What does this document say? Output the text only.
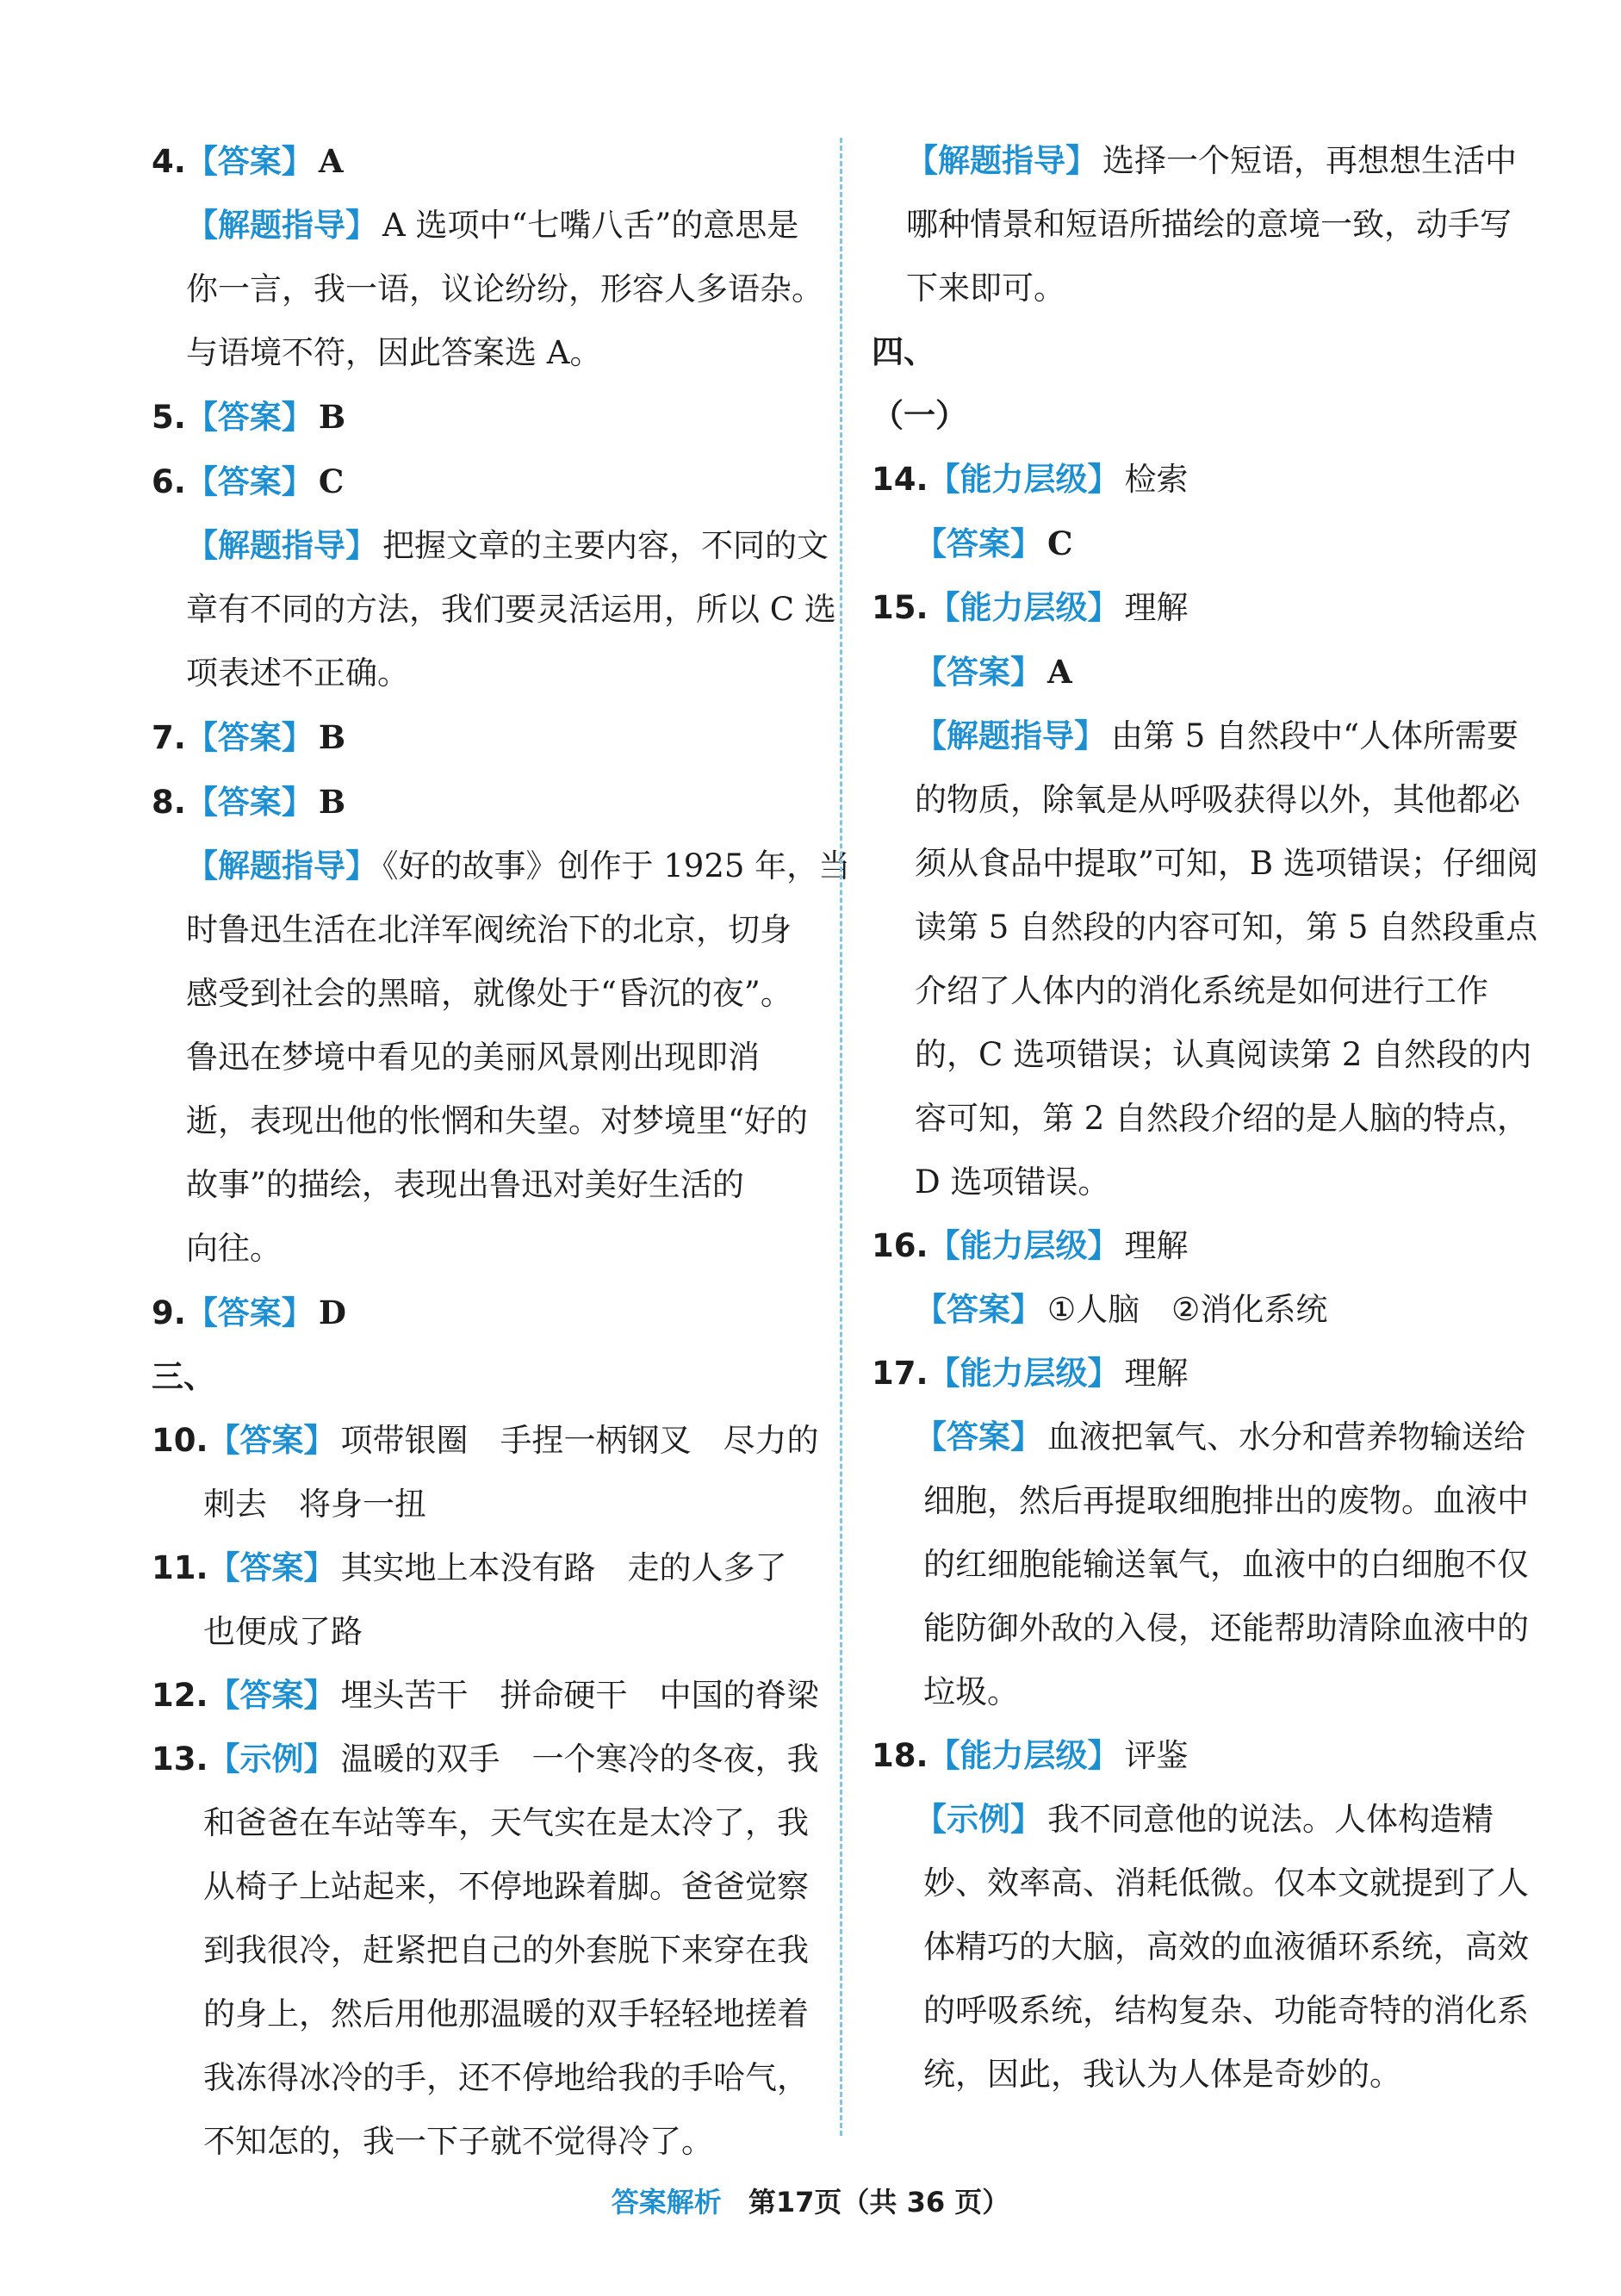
4.【答案】 A
【解题指导】 A 选项中“七嘴八舌”的意思是
你一言，我一语，议论纷纷，形容人多语杂。
与语境不符，因此答案选 A。
5.【答案】 B
6.【答案】 C
【解题指导】 把握文章的主要内容，不同的文
章有不同的方法，我们要灵活运用，所以 C 选
项表述不正确。
7.【答案】 B
8.【答案】 B
【解题指导】 《好的故事》创作于 1925 年，当
时鲁迅生活在北洋军阀统治下的北京，切身
感受到社会的黑暗，就像处于“昏沉的夜”。
鲁迅在梦境中看见的美丽风景刚出现即消
逝，表现出他的怅惘和失望。对梦境里“好的
故事”的描绘，表现出鲁迅对美好生活的
向往。
9.【答案】 D
三、
10.【答案】 项带银圈　手捏一柄钢叉　尽力的
刺去　将身一扭
11.【答案】 其实地上本没有路　走的人多了
也便成了路
12.【答案】 埋头苦干　拼命硬干　中国的脊梁
13.【示例】 温暖的双手　一个寒冷的冬夜，我
和爸爸在车站等车，天气实在是太冷了，我
从椅子上站起来，不停地跺着脚。爸爸觉察
到我很冷，赶紧把自己的外套脱下来穿在我
的身上，然后用他那温暖的双手轻轻地搓着
我冻得冰冷的手，还不停地给我的手哈气，
不知怎的，我一下子就不觉得冷了。
【解题指导】 选择一个短语，再想想生活中
哪种情景和短语所描绘的意境一致，动手写
下来即可。
四、
（一）
14.【能力层级】 检索
【答案】 C
15.【能力层级】 理解
【答案】 A
【解题指导】 由第 5 自然段中“人体所需要
的物质，除氧是从呼吸获得以外，其他都必
须从食品中提取”可知，B 选项错误；仔细阅
读第 5 自然段的内容可知，第 5 自然段重点
介绍了人体内的消化系统是如何进行工作
的，C 选项错误；认真阅读第 2 自然段的内
容可知，第 2 自然段介绍的是人脑的特点，
D 选项错误。
16.【能力层级】 理解
【答案】 ①人脑　②消化系统
17.【能力层级】 理解
【答案】 血液把氧气、水分和营养物输送给
细胞，然后再提取细胞排出的废物。血液中
的红细胞能输送氧气，血液中的白细胞不仅
能防御外敌的入侵，还能帮助清除血液中的
垃圾。
18.【能力层级】 评鉴
【示例】 我不同意他的说法。人体构造精
妙、效率高、消耗低微。仅本文就提到了人
体精巧的大脑，高效的血液循环系统，高效
的呼吸系统，结构复杂、功能奇特的消化系
统，因此，我认为人体是奇妙的。
答案解析 第17页（共 36 页）
